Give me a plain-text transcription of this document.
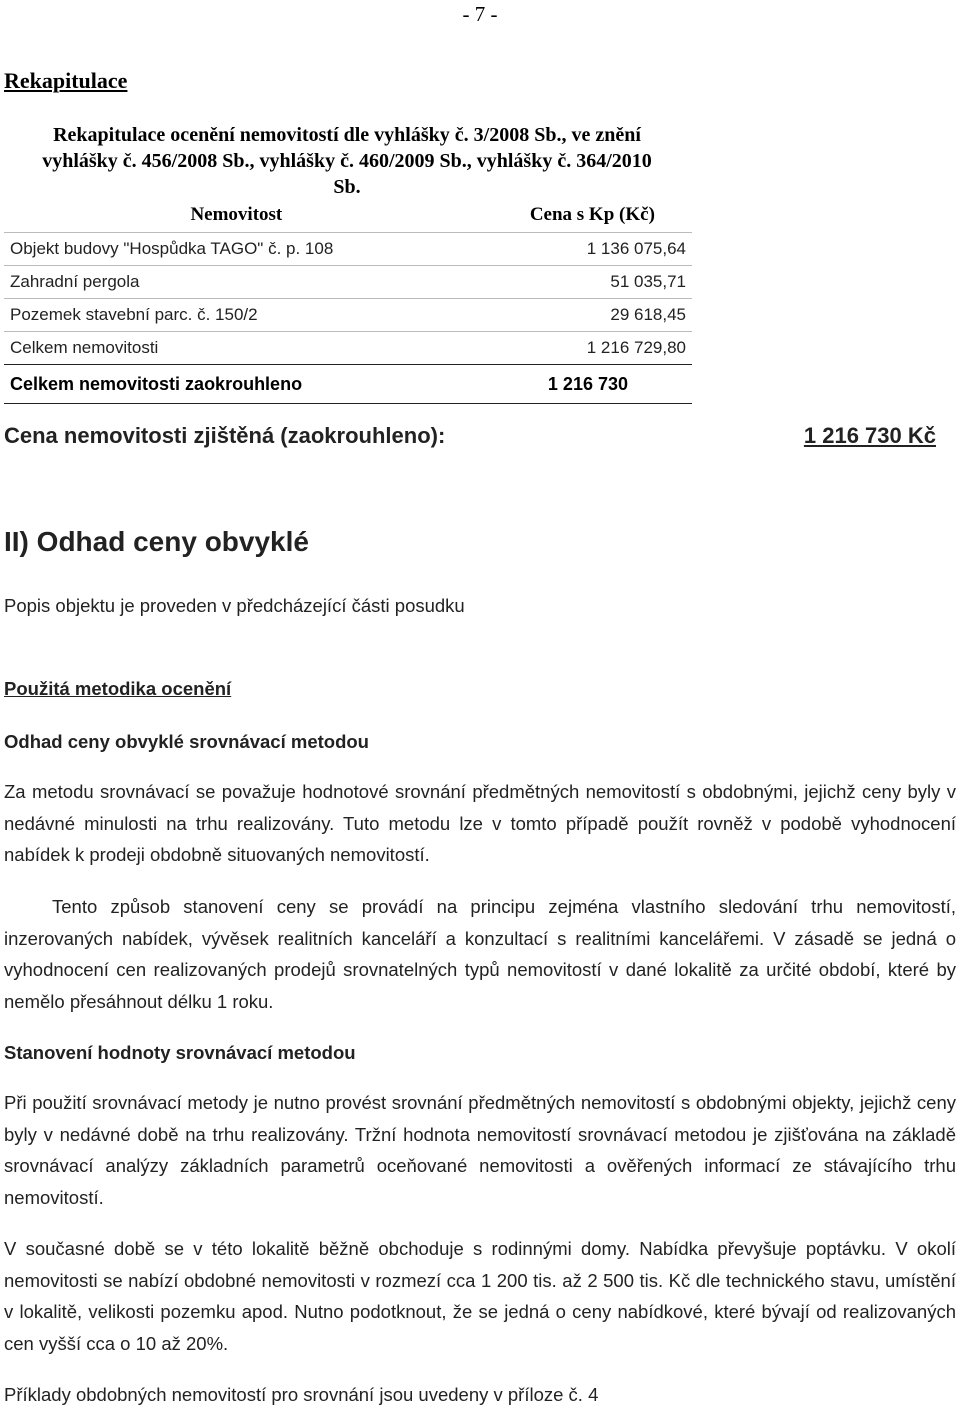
- 7 -
Rekapitulace
Rekapitulace ocenění nemovitostí dle vyhlášky č. 3/2008 Sb., ve znění
vyhlášky č. 456/2008 Sb., vyhlášky č. 460/2009 Sb., vyhlášky č. 364/2010
Sb.
Nemovitost	Cena s Kp (Kč)
Objekt budovy "Hospůdka TAGO" č. p. 108	1 136 075,64
Zahradní pergola	51 035,71
Pozemek stavební parc. č. 150/2	29 618,45
Celkem nemovitosti	1 216 729,80
Celkem nemovitosti zaokrouhleno	1 216 730
Cena nemovitosti zjištěná (zaokrouhleno):	1 216 730 Kč
II) Odhad ceny obvyklé
Popis objektu je proveden v předcházející části posudku
Použitá metodika ocenění
Odhad ceny obvyklé srovnávací metodou
Za metodu srovnávací se považuje hodnotové srovnání předmětných nemovitostí s obdobnými, jejichž ceny byly v nedávné minulosti na trhu realizovány. Tuto metodu lze v tomto případě použít rovněž v podobě vyhodnocení nabídek k prodeji obdobně situovaných nemovitostí.
Tento způsob stanovení ceny se provádí na principu zejména vlastního sledování trhu nemovitostí, inzerovaných nabídek, vývěsek realitních kanceláří a konzultací s realitními kancelářemi. V zásadě se jedná o vyhodnocení cen realizovaných prodejů srovnatelných typů nemovitostí v dané lokalitě za určité období, které by nemělo přesáhnout délku 1 roku.
Stanovení hodnoty srovnávací metodou
Při použití srovnávací metody je nutno provést srovnání předmětných nemovitostí s obdobnými objekty, jejichž ceny byly v nedávné době na trhu realizovány. Tržní hodnota nemovitostí srovnávací metodou je zjišťována na základě srovnávací analýzy základních parametrů oceňované nemovitosti a ověřených informací ze stávajícího trhu nemovitostí.
V současné době se v této lokalitě běžně obchoduje s rodinnými domy. Nabídka převyšuje poptávku. V okolí nemovitosti se nabízí obdobné nemovitosti v rozmezí cca 1 200 tis. až 2 500 tis. Kč dle technického stavu, umístění v lokalitě, velikosti pozemku apod. Nutno podotknout, že se jedná o ceny nabídkové, které bývají od realizovaných cen vyšší cca o 10 až 20%.
Příklady obdobných nemovitostí pro srovnání jsou uvedeny v příloze č. 4
